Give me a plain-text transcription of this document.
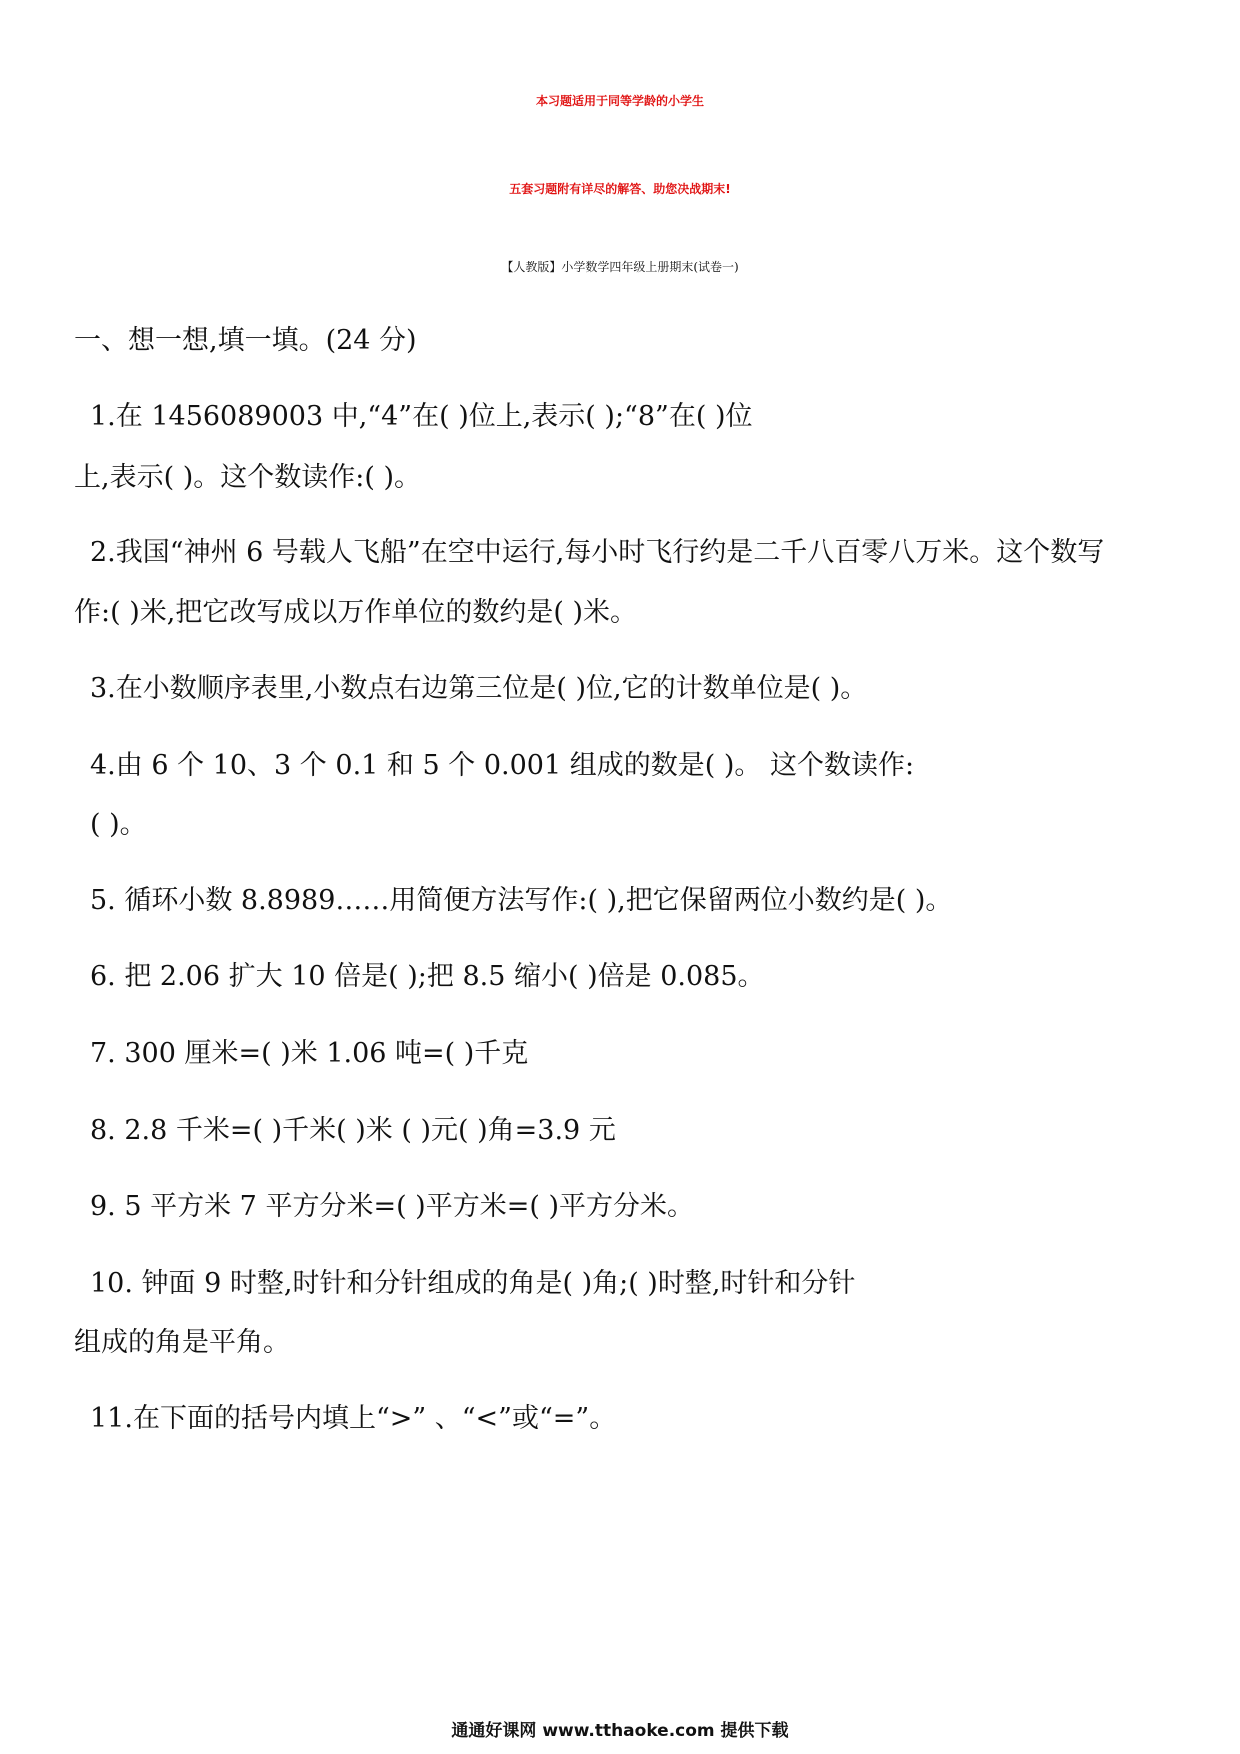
本习题适用于同等学龄的小学生
五套习题附有详尽的解答、助您决战期末!
【人教版】小学数学四年级上册期末(试卷一)
一、想一想,填一填。(24 分)
1.在 1456089003 中,“4”在( )位上,表示( );“8”在( )位
上,表示( )。这个数读作:( )。
2.我国“神州 6 号载人飞船”在空中运行,每小时飞行约是二千八百零八万米。这个数写
作:( )米,把它改写成以万作单位的数约是( )米。
3.在小数顺序表里,小数点右边第三位是( )位,它的计数单位是( )。
4.由 6 个 10、3 个 0.1 和 5 个 0.001 组成的数是( )。 这个数读作:
( )。
5. 循环小数 8.8989……用简便方法写作:( ),把它保留两位小数约是( )。
6. 把 2.06 扩大 10 倍是( );把 8.5 缩小( )倍是 0.085。
7. 300 厘米=( )米 1.06 吨=( )千克
8. 2.8 千米=( )千米( )米 ( )元( )角=3.9 元
9. 5 平方米 7 平方分米=( )平方米=( )平方分米。
10. 钟面 9 时整,时针和分针组成的角是( )角;( )时整,时针和分针
组成的角是平角。
11.在下面的括号内填上“>” 、“<”或“=”。
通通好课网 www.tthaoke.com 提供下载
